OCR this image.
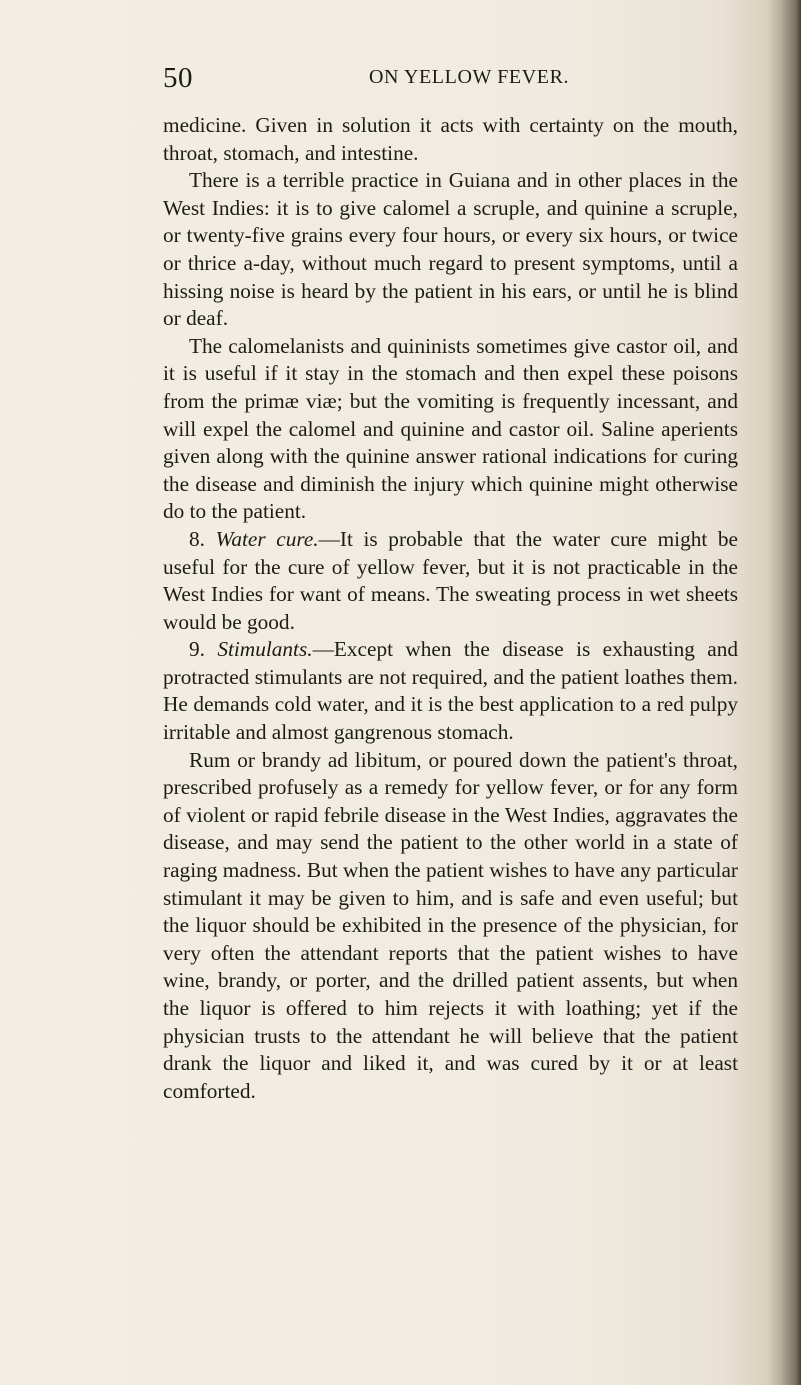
50	ON YELLOW FEVER.

medicine. Given in solution it acts with certainty on the mouth, throat, stomach, and intestine.

There is a terrible practice in Guiana and in other places in the West Indies: it is to give calomel a scruple, and quinine a scruple, or twenty-five grains every four hours, or every six hours, or twice or thrice a-day, without much regard to present symptoms, until a hissing noise is heard by the patient in his ears, or until he is blind or deaf.

The calomelanists and quininists sometimes give castor oil, and it is useful if it stay in the stomach and then expel these poisons from the primæ viæ; but the vomiting is frequently incessant, and will expel the calomel and quinine and castor oil. Saline aperients given along with the quinine answer rational indications for curing the disease and diminish the injury which quinine might otherwise do to the patient.

8. Water cure.—It is probable that the water cure might be useful for the cure of yellow fever, but it is not practicable in the West Indies for want of means. The sweating process in wet sheets would be good.

9. Stimulants.—Except when the disease is exhausting and protracted stimulants are not required, and the patient loathes them. He demands cold water, and it is the best application to a red pulpy irritable and almost gangrenous stomach.

Rum or brandy ad libitum, or poured down the patient's throat, prescribed profusely as a remedy for yellow fever, or for any form of violent or rapid febrile disease in the West Indies, aggravates the disease, and may send the patient to the other world in a state of raging madness. But when the patient wishes to have any particular stimulant it may be given to him, and is safe and even useful; but the liquor should be exhibited in the presence of the physician, for very often the attendant reports that the patient wishes to have wine, brandy, or porter, and the drilled patient assents, but when the liquor is offered to him rejects it with loathing; yet if the physician trusts to the attendant he will believe that the patient drank the liquor and liked it, and was cured by it or at least comforted.
